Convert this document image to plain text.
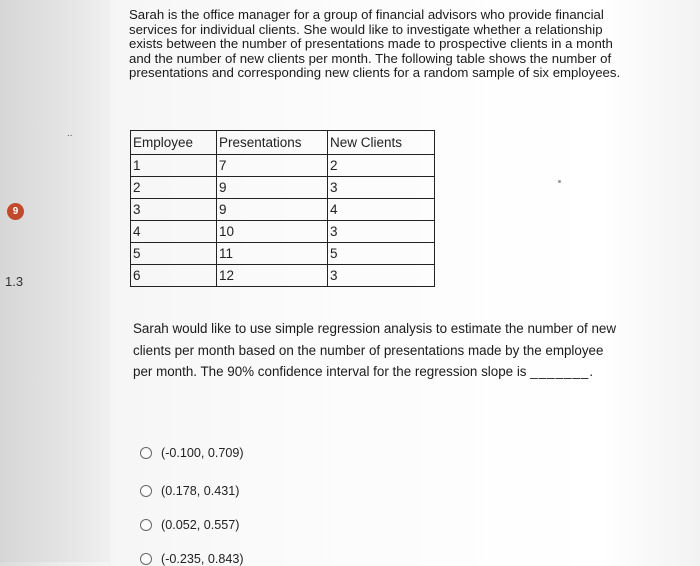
9
1.3
..

Sarah is the office manager for a group of financial advisors who provide financial services for individual clients. She would like to investigate whether a relationship exists between the number of presentations made to prospective clients in a month and the number of new clients per month. The following table shows the number of presentations and corresponding new clients for a random sample of six employees.

Employee	Presentations	New Clients
1	7	2
2	9	3
3	9	4
4	10	3
5	11	5
6	12	3

Sarah would like to use simple regression analysis to estimate the number of new clients per month based on the number of presentations made by the employee per month. The 90% confidence interval for the regression slope is _______.

(-0.100, 0.709)
(0.178, 0.431)
(0.052, 0.557)
(-0.235, 0.843)
